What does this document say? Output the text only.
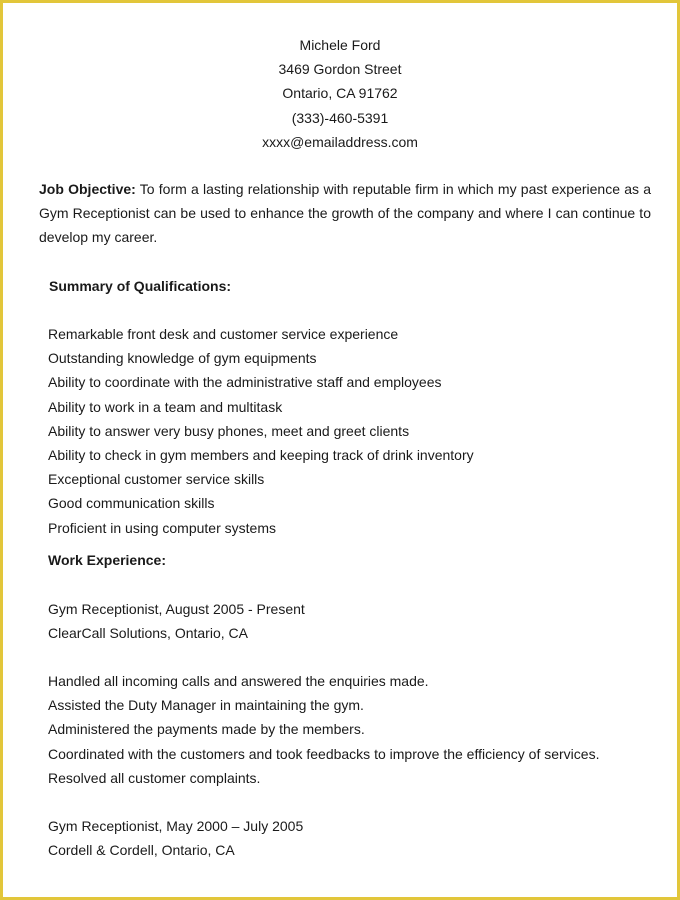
Michele Ford
3469 Gordon Street
Ontario, CA 91762
(333)-460-5391
xxxx@emailaddress.com
Job Objective: To form a lasting relationship with reputable firm in which my past experience as a Gym Receptionist can be used to enhance the growth of the company and where I can continue to develop my career.
Summary of Qualifications:
Remarkable front desk and customer service experience
Outstanding knowledge of gym equipments
Ability to coordinate with the administrative staff and employees
Ability to work in a team and multitask
Ability to answer very busy phones, meet and greet clients
Ability to check in gym members and keeping track of drink inventory
Exceptional customer service skills
Good communication skills
Proficient in using computer systems
Work Experience:
Gym Receptionist, August 2005 - Present
ClearCall Solutions, Ontario, CA
Handled all incoming calls and answered the enquiries made.
Assisted the Duty Manager in maintaining the gym.
Administered the payments made by the members.
Coordinated with the customers and took feedbacks to improve the efficiency of services.
Resolved all customer complaints.
Gym Receptionist, May 2000 – July 2005
Cordell & Cordell, Ontario, CA
